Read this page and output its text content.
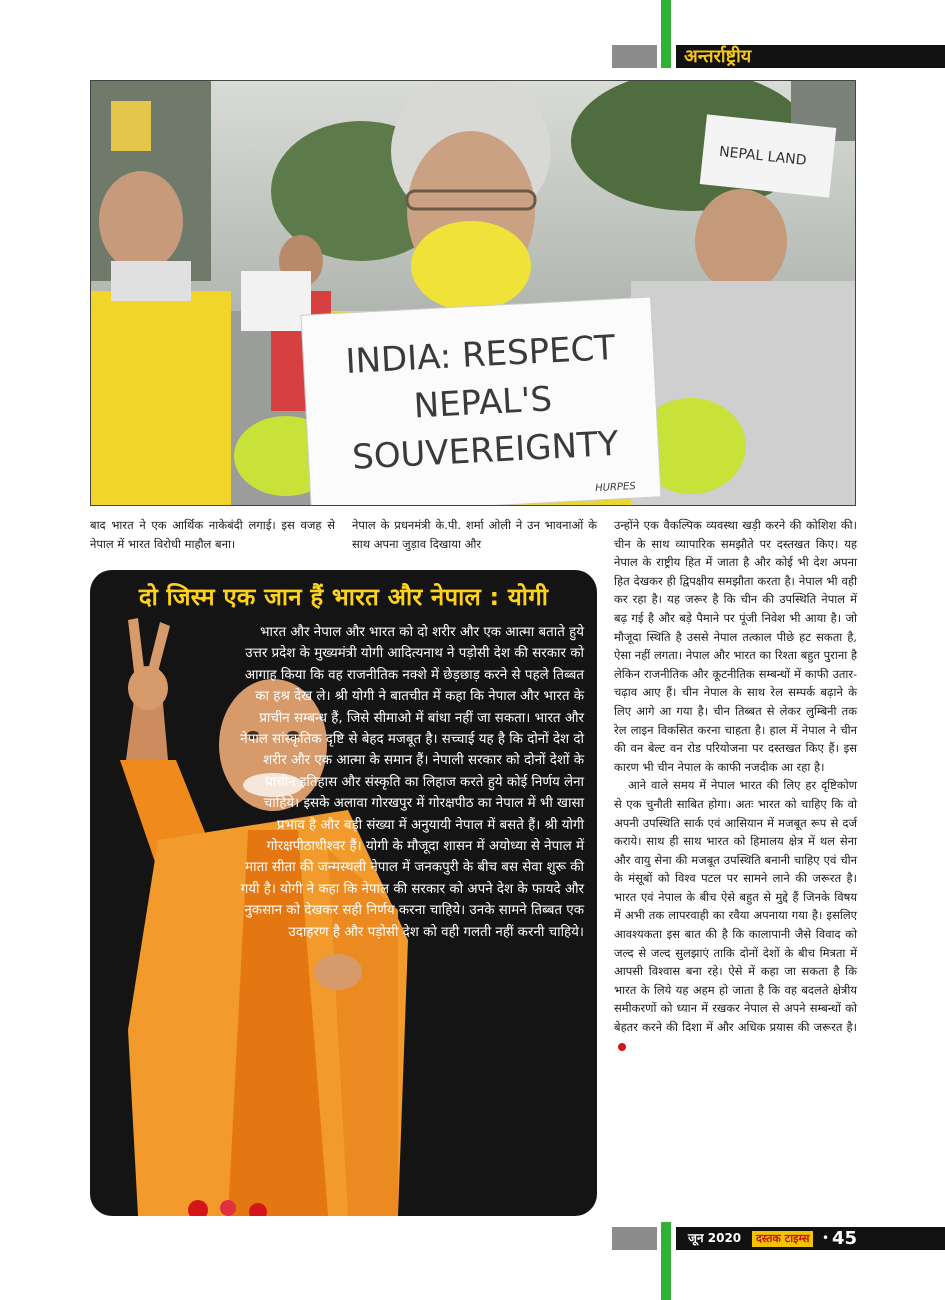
अन्तर्राष्ट्रीय
NEPAL LAND
INDIA: RESPECT
NEPAL'S
SOUVEREIGNTY
HURPES
बाद भारत ने एक आर्थिक नाकेबंदी लगाई। इस वजह से नेपाल में भारत विरोधी माहौल बना।
नेपाल के प्रधनमंत्री के.पी. शर्मा ओली ने उन भावनाओं के साथ अपना जुड़ाव दिखाया और

उन्होंने एक वैकल्पिक व्यवस्था खड़ी करने की कोशिश की। चीन के साथ व्यापारिक समझौते पर दस्तखत किए। यह नेपाल के राष्ट्रीय हित में जाता है और कोई भी देश अपना हित देखकर ही द्विपक्षीय समझौता करता है। नेपाल भी वही कर रहा है। यह जरूर है कि चीन की उपस्थिति नेपाल में बढ़ गई है और बड़े पैमाने पर पूंजी निवेश भी आया है। जो मौजूदा स्थिति है उससे नेपाल तत्काल पीछे हट सकता है, ऐसा नहीं लगता। नेपाल और भारत का रिश्ता बहुत पुराना है लेकिन राजनीतिक और कूटनीतिक सम्बन्धों में काफी उतार-चढ़ाव आए हैं। चीन नेपाल के साथ रेल सम्पर्क बढ़ाने के लिए आगे आ गया है। चीन तिब्बत से लेकर लुम्बिनी तक रेल लाइन विकसित करना चाहता है। हाल में नेपाल ने चीन की वन बेल्ट वन रोड परियोजना पर दस्तखत किए हैं। इस कारण भी चीन नेपाल के काफी नजदीक आ रहा है।

आने वाले समय में नेपाल भारत की लिए हर दृष्टिकोण से एक चुनौती साबित होगा। अतः भारत को चाहिए कि वो अपनी उपस्थिति सार्क एवं आसियान में मजबूत रूप से दर्ज कराये। साथ ही साथ भारत को हिमालय क्षेत्र में थल सेना और वायु सेना की मजबूत उपस्थिति बनानी चाहिए एवं चीन के मंसूबों को विश्व पटल पर सामने लाने की जरूरत है। भारत एवं नेपाल के बीच ऐसे बहुत से मुद्दे हैं जिनके विषय में अभी तक लापरवाही का रवैया अपनाया गया है। इसलिए आवश्यकता इस बात की है कि कालापानी जैसे विवाद को जल्द से जल्द सुलझाएं ताकि दोनों देशों के बीच मित्रता में आपसी विश्वास बना रहे। ऐसे में कहा जा सकता है कि भारत के लिये यह अहम हो जाता है कि वह बदलते क्षेत्रीय समीकरणों को ध्यान में रखकर नेपाल से अपने सम्बन्धों को बेहतर करने की दिशा में और अधिक प्रयास की जरूरत है।

दो जिस्म एक जान हैं भारत और नेपाल : योगी
भारत और नेपाल और भारत को दो शरीर और एक आत्मा बताते हुये उत्तर प्रदेश के मुख्यमंत्री योगी आदित्यनाथ ने पड़ोसी देश की सरकार को आगाह किया कि वह राजनीतिक नक्शे में छेड़छाड़ करने से पहले तिब्बत का हश्र देख ले। श्री योगी ने बातचीत में कहा कि नेपाल और भारत के प्राचीन सम्बन्ध हैं, जिसे सीमाओ में बांधा नहीं जा सकता। भारत और नेपाल सांस्कृतिक दृष्टि से बेहद मजबूत है। सच्चाई यह है कि दोनों देश दो शरीर और एक आत्मा के समान हैं। नेपाली सरकार को दोनों देशों के प्राचीन इतिहास और संस्कृति का लिहाज करते हुये कोई निर्णय लेना चाहिये। इसके अलावा गोरखपुर में गोरक्षपीठ का नेपाल में भी खासा प्रभाव है और बड़ी संख्या में अनुयायी नेपाल में बसते हैं। श्री योगी गोरक्षपीठाधीश्वर हैं। योगी के मौजूदा शासन में अयोध्या से नेपाल में माता सीता की जन्मस्थली नेपाल में जनकपुरी के बीच बस सेवा शुरू की गयी है। योगी ने कहा कि नेपाल की सरकार को अपने देश के फायदे और नुकसान को देखकर सही निर्णय करना चाहिये। उनके सामने तिब्बत एक उदाहरण है और पड़ोसी देश को वही गलती नहीं करनी चाहिये।
जून 2020	दस्तक टाइम्स	• 45
